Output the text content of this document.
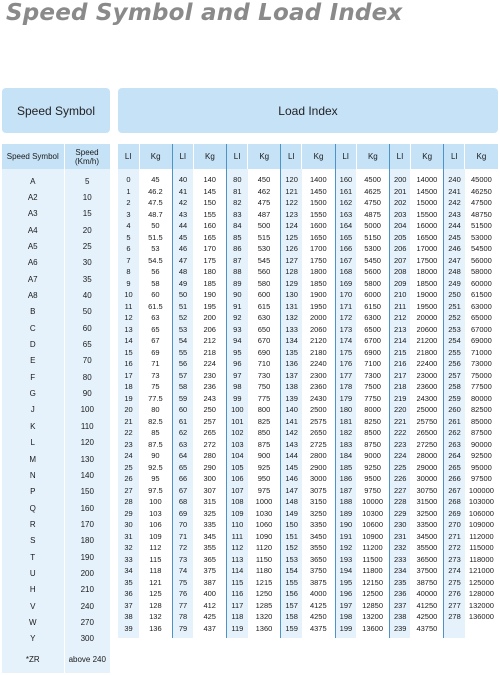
Speed Symbol and Load Index
Speed Symbol	Load Index
Speed Symbol	Speed
(Km/h)
A	5
A2	10
A3	15
A4	20
A5	25
A6	30
A7	35
A8	40
B	50
C	60
D	65
E	70
F	80
G	90
J	100
K	110
L	120
M	130
N	140
P	150
Q	160
R	170
S	180
T	190
U	200
H	210
V	240
W	270
Y	300
*ZR	above 240
LI	Kg	LI	Kg	LI	Kg	LI	Kg	LI	Kg	LI	Kg	LI	Kg
0	45	40	140	80	450	120	1400	160	4500	200	14000	240	45000
1	46.2	41	145	81	462	121	1450	161	4625	201	14500	241	46250
2	47.5	42	150	82	475	122	1500	162	4750	202	15000	242	47500
3	48.7	43	155	83	487	123	1550	163	4875	203	15500	243	48750
4	50	44	160	84	500	124	1600	164	5000	204	16000	244	51500
5	51.5	45	165	85	515	125	1650	165	5150	205	16500	245	53000
6	53	46	170	86	530	126	1700	166	5300	206	17000	246	54500
7	54.5	47	175	87	545	127	1750	167	5450	207	17500	247	56000
8	56	48	180	88	560	128	1800	168	5600	208	18000	248	58000
9	58	49	185	89	580	129	1850	169	5800	209	18500	249	60000
10	60	50	190	90	600	130	1900	170	6000	210	19000	250	61500
11	61.5	51	195	91	615	131	1950	171	6150	211	19500	251	63000
12	63	52	200	92	630	132	2000	172	6300	212	20000	252	65000
13	65	53	206	93	650	133	2060	173	6500	213	20600	253	67000
14	67	54	212	94	670	134	2120	174	6700	214	21200	254	69000
15	69	55	218	95	690	135	2180	175	6900	215	21800	255	71000
16	71	56	224	96	710	136	2240	176	7100	216	22400	256	73000
17	73	57	230	97	730	137	2300	177	7300	217	23000	257	75000
18	75	58	236	98	750	138	2360	178	7500	218	23600	258	77500
19	77.5	59	243	99	775	139	2430	179	7750	219	24300	259	80000
20	80	60	250	100	800	140	2500	180	8000	220	25000	260	82500
21	82.5	61	257	101	825	141	2575	181	8250	221	25750	261	85000
22	85	62	265	102	850	142	2650	182	8500	222	26500	262	87500
23	87.5	63	272	103	875	143	2725	183	8750	223	27250	263	90000
24	90	64	280	104	900	144	2800	184	9000	224	28000	264	92500
25	92.5	65	290	105	925	145	2900	185	9250	225	29000	265	95000
26	95	66	300	106	950	146	3000	186	9500	226	30000	266	97500
27	97.5	67	307	107	975	147	3075	187	9750	227	30750	267	100000
28	100	68	315	108	1000	148	3150	188	10000	228	31500	268	103000
29	103	69	325	109	1030	149	3250	189	10300	229	32500	269	106000
30	106	70	335	110	1060	150	3350	190	10600	230	33500	270	109000
31	109	71	345	111	1090	151	3450	191	10900	231	34500	271	112000
32	112	72	355	112	1120	152	3550	192	11200	232	35500	272	115000
33	115	73	365	113	1150	153	3650	193	11500	233	36500	273	118000
34	118	74	375	114	1180	154	3750	194	11800	234	37500	274	121000
35	121	75	387	115	1215	155	3875	195	12150	235	38750	275	125000
36	125	76	400	116	1250	156	4000	196	12500	236	40000	276	128000
37	128	77	412	117	1285	157	4125	197	12850	237	41250	277	132000
38	132	78	425	118	1320	158	4250	198	13200	238	42500	278	136000
39	136	79	437	119	1360	159	4375	199	13600	239	43750		
